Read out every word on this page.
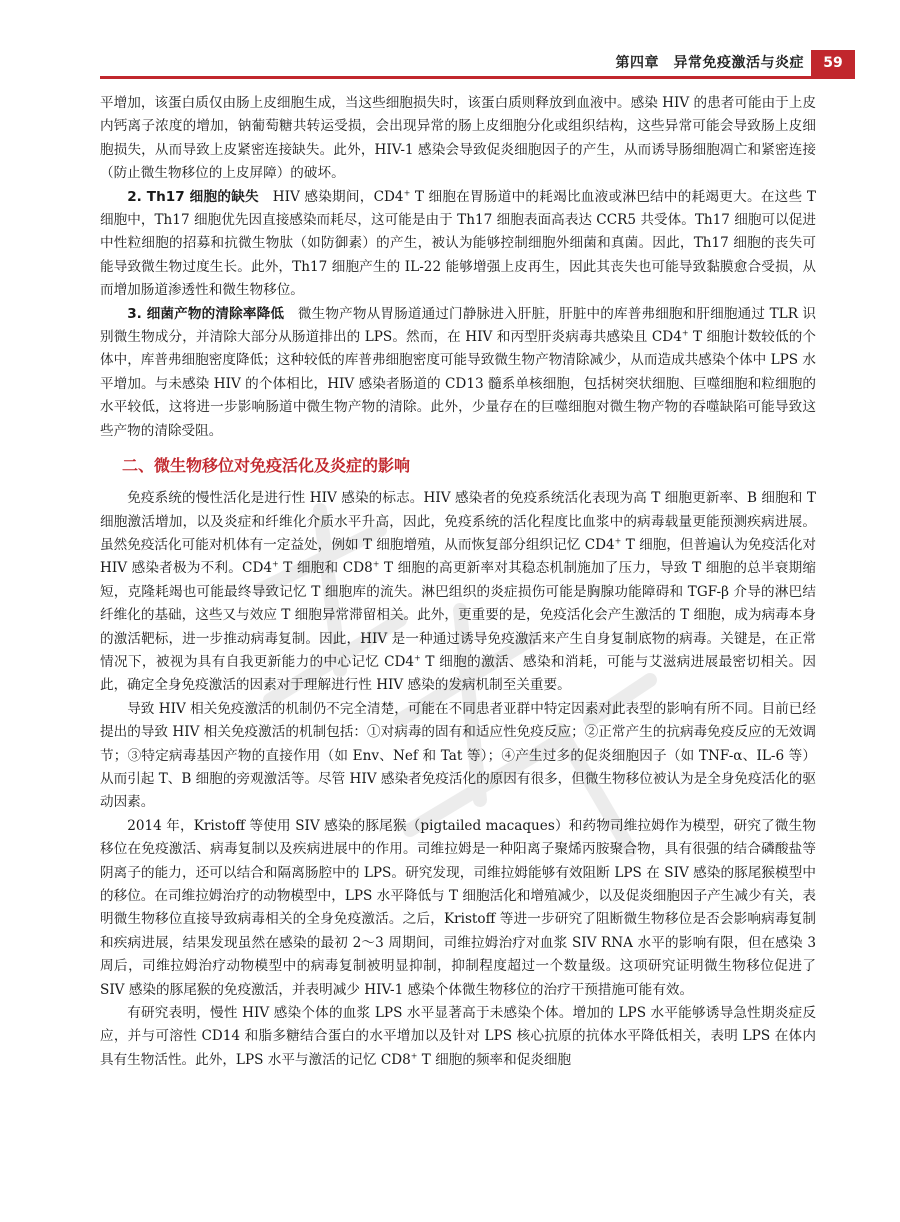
第四章　异常免疫激活与炎症	59

平增加，该蛋白质仅由肠上皮细胞生成，当这些细胞损失时，该蛋白质则释放到血液中。感染 HIV 的患者可能由于上皮内钙离子浓度的增加，钠葡萄糖共转运受损，会出现异常的肠上皮细胞分化或组织结构，这些异常可能会导致肠上皮细胞损失，从而导致上皮紧密连接缺失。此外，HIV-1 感染会导致促炎细胞因子的产生，从而诱导肠细胞凋亡和紧密连接（防止微生物移位的上皮屏障）的破坏。

2. Th17 细胞的缺失　 HIV 感染期间，CD4+ T 细胞在胃肠道中的耗竭比血液或淋巴结中的耗竭更大。在这些 T 细胞中，Th17 细胞优先因直接感染而耗尽，这可能是由于 Th17 细胞表面高表达 CCR5 共受体。Th17 细胞可以促进中性粒细胞的招募和抗微生物肽（如防御素）的产生，被认为能够控制细胞外细菌和真菌。因此，Th17 细胞的丧失可能导致微生物过度生长。此外，Th17 细胞产生的 IL-22 能够增强上皮再生，因此其丧失也可能导致黏膜愈合受损，从而增加肠道渗透性和微生物移位。

3. 细菌产物的清除率降低　 微生物产物从胃肠道通过门静脉进入肝脏，肝脏中的库普弗细胞和肝细胞通过 TLR 识别微生物成分，并清除大部分从肠道排出的 LPS。然而，在 HIV 和丙型肝炎病毒共感染且 CD4+ T 细胞计数较低的个体中，库普弗细胞密度降低；这种较低的库普弗细胞密度可能导致微生物产物清除减少，从而造成共感染个体中 LPS 水平增加。与未感染 HIV 的个体相比，HIV 感染者肠道的 CD13 髓系单核细胞，包括树突状细胞、巨噬细胞和粒细胞的水平较低，这将进一步影响肠道中微生物产物的清除。此外，少量存在的巨噬细胞对微生物产物的吞噬缺陷可能导致这些产物的清除受阻。

二、微生物移位对免疫活化及炎症的影响

免疫系统的慢性活化是进行性 HIV 感染的标志。HIV 感染者的免疫系统活化表现为高 T 细胞更新率、B 细胞和 T 细胞激活增加，以及炎症和纤维化介质水平升高，因此，免疫系统的活化程度比血浆中的病毒载量更能预测疾病进展。虽然免疫活化可能对机体有一定益处，例如 T 细胞增殖，从而恢复部分组织记忆 CD4+ T 细胞，但普遍认为免疫活化对 HIV 感染者极为不利。CD4+ T 细胞和 CD8+ T 细胞的高更新率对其稳态机制施加了压力，导致 T 细胞的总半衰期缩短，克隆耗竭也可能最终导致记忆 T 细胞库的流失。淋巴组织的炎症损伤可能是胸腺功能障碍和 TGF-β 介导的淋巴结纤维化的基础，这些又与效应 T 细胞异常滞留相关。此外，更重要的是，免疫活化会产生激活的 T 细胞，成为病毒本身的激活靶标，进一步推动病毒复制。因此，HIV 是一种通过诱导免疫激活来产生自身复制底物的病毒。关键是，在正常情况下，被视为具有自我更新能力的中心记忆 CD4+ T 细胞的激活、感染和消耗，可能与艾滋病进展最密切相关。因此，确定全身免疫激活的因素对于理解进行性 HIV 感染的发病机制至关重要。

导致 HIV 相关免疫激活的机制仍不完全清楚，可能在不同患者亚群中特定因素对此表型的影响有所不同。目前已经提出的导致 HIV 相关免疫激活的机制包括：①对病毒的固有和适应性免疫反应；②正常产生的抗病毒免疫反应的无效调节；③特定病毒基因产物的直接作用（如 Env、Nef 和 Tat 等）；④产生过多的促炎细胞因子（如 TNF-α、IL-6 等）从而引起 T、B 细胞的旁观激活等。尽管 HIV 感染者免疫活化的原因有很多，但微生物移位被认为是全身免疫活化的驱动因素。

2014 年，Kristoff 等使用 SIV 感染的豚尾猴（pigtailed macaques）和药物司维拉姆作为模型，研究了微生物移位在免疫激活、病毒复制以及疾病进展中的作用。司维拉姆是一种阳离子聚烯丙胺聚合物，具有很强的结合磷酸盐等阴离子的能力，还可以结合和隔离肠腔中的 LPS。研究发现，司维拉姆能够有效阻断 LPS 在 SIV 感染的豚尾猴模型中的移位。在司维拉姆治疗的动物模型中，LPS 水平降低与 T 细胞活化和增殖减少，以及促炎细胞因子产生减少有关，表明微生物移位直接导致病毒相关的全身免疫激活。之后，Kristoff 等进一步研究了阻断微生物移位是否会影响病毒复制和疾病进展，结果发现虽然在感染的最初 2～3 周期间，司维拉姆治疗对血浆 SIV RNA 水平的影响有限，但在感染 3 周后，司维拉姆治疗动物模型中的病毒复制被明显抑制，抑制程度超过一个数量级。这项研究证明微生物移位促进了 SIV 感染的豚尾猴的免疫激活，并表明减少 HIV-1 感染个体微生物移位的治疗干预措施可能有效。

有研究表明，慢性 HIV 感染个体的血浆 LPS 水平显著高于未感染个体。增加的 LPS 水平能够诱导急性期炎症反应，并与可溶性 CD14 和脂多糖结合蛋白的水平增加以及针对 LPS 核心抗原的抗体水平降低相关，表明 LPS 在体内具有生物活性。此外，LPS 水平与激活的记忆 CD8+ T 细胞的频率和促炎细胞
